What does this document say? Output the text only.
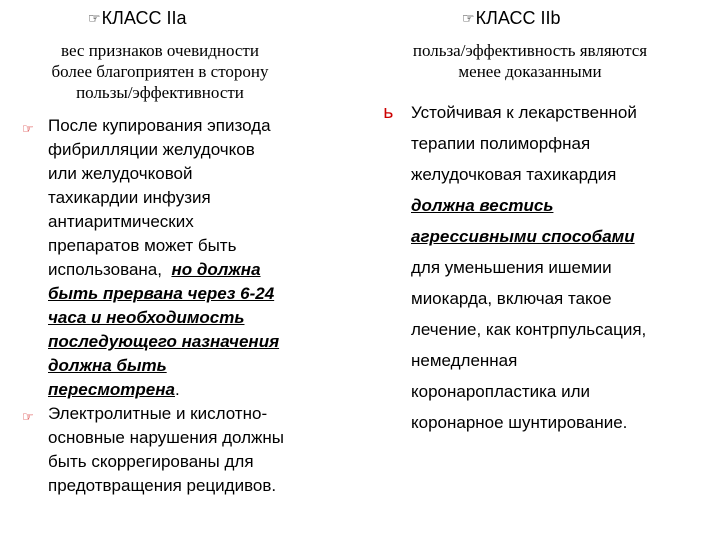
☞КЛАСС IIa
вес признаков очевидности
более благоприятен в сторону
пользы/эффективности
☞ После купирования эпизода
фибрилляции желудочков
или желудочковой
тахикардии инфузия
антиаритмических
препаратов может быть
использована, но должна
быть прервана через 6-24
часа и необходимость
последующего назначения
должна быть
пересмотрена.
☞ Электролитные и кислотно-
основные нарушения должны
быть скоррегированы для
предотвращения рецидивов.
☞КЛАСС IIb
польза/эффективность являются
менее доказанными
ь Устойчивая к лекарственной
терапии полиморфная
желудочковая тахикардия
должна вестись
агрессивными способами
для уменьшения ишемии
миокарда, включая такое
лечение, как контрпульсация,
немедленная
коронаропластика или
коронарное шунтирование.
